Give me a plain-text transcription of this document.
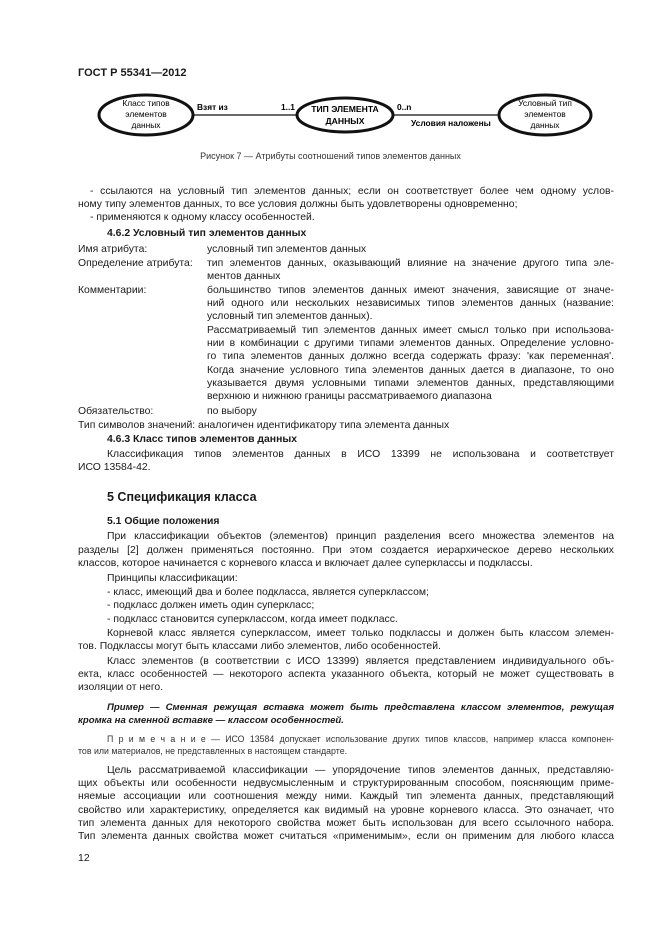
ГОСТ Р 55341—2012
Класс типов
элементов
данных
Взят из	1..1 ТИП ЭЛЕМЕНТА
ДАННЫХ
0..n
Условия наложены
Условный тип
элементов
данных
Рисунок 7 — Атрибуты соотношений типов элементов данных
- ссылаются на условный тип элементов данных; если он соответствует более чем одному услов-
ному типу элементов данных, то все условия должны быть удовлетворены одновременно;
- применяются к одному классу особенностей.
4.6.2 Условный тип элементов данных
Имя атрибута:	условный тип элементов данных
Определение атрибута: тип элементов данных, оказывающий влияние на значение другого типа эле-
ментов данных
Комментарии:	большинство типов элементов данных имеют значения, зависящие от значе-
ний одного или нескольких независимых типов элементов данных (название:
условный тип элементов данных).
Рассматриваемый тип элементов данных имеет смысл только при использова-
нии в комбинации с другими типами элементов данных. Определение условно-
го типа элементов данных должно всегда содержать фразу: 'как переменная'.
Когда значение условного типа элементов данных дается в диапазоне, то оно
указывается двумя условными типами элементов данных, представляющими
верхнюю и нижнюю границы рассматриваемого диапазона
Обязательство:	по выбору
Тип символов значений: аналогичен идентификатору типа элемента данных
4.6.3 Класс типов элементов данных
Классификация типов элементов данных в ИСО 13399 не использована и соответствует
ИСО 13584-42.
5 Спецификация класса
5.1 Общие положения
При классификации объектов (элементов) принцип разделения всего множества элементов на
разделы [2] должен применяться постоянно. При этом создается иерархическое дерево нескольких
классов, которое начинается с корневого класса и включает далее суперклассы и подклассы.
Принципы классификации:
- класс, имеющий два и более подкласса, является суперклассом;
- подкласс должен иметь один суперкласс;
- подкласс становится суперклассом, когда имеет подкласс.
Корневой класс является суперклассом, имеет только подклассы и должен быть классом элемен-
тов. Подклассы могут быть классами либо элементов, либо особенностей.
Класс элементов (в соответствии с ИСО 13399) является представлением индивидуального объ-
екта, класс особенностей — некоторого аспекта указанного объекта, который не может существовать в
изоляции от него.
Пример — Сменная режущая вставка может быть представлена классом элементов, режущая
кромка на сменной вставке — классом особенностей.
П р и м е ч а н и е — ИСО 13584 допускает использование других типов классов, например класса компонен-
тов или материалов, не представленных в настоящем стандарте.
Цель рассматриваемой классификации — упорядочение типов элементов данных, представляю-
щих объекты или особенности недвусмысленным и структурированным способом, поясняющим приме-
няемые ассоциации или соотношения между ними. Каждый тип элемента данных, представляющий
свойство или характеристику, определяется как видимый на уровне корневого класса. Это означает, что
тип элемента данных для некоторого свойства может быть использован для всего ссылочного набора.
Тип элемента данных свойства может считаться «применимым», если он применим для любого класса
12
